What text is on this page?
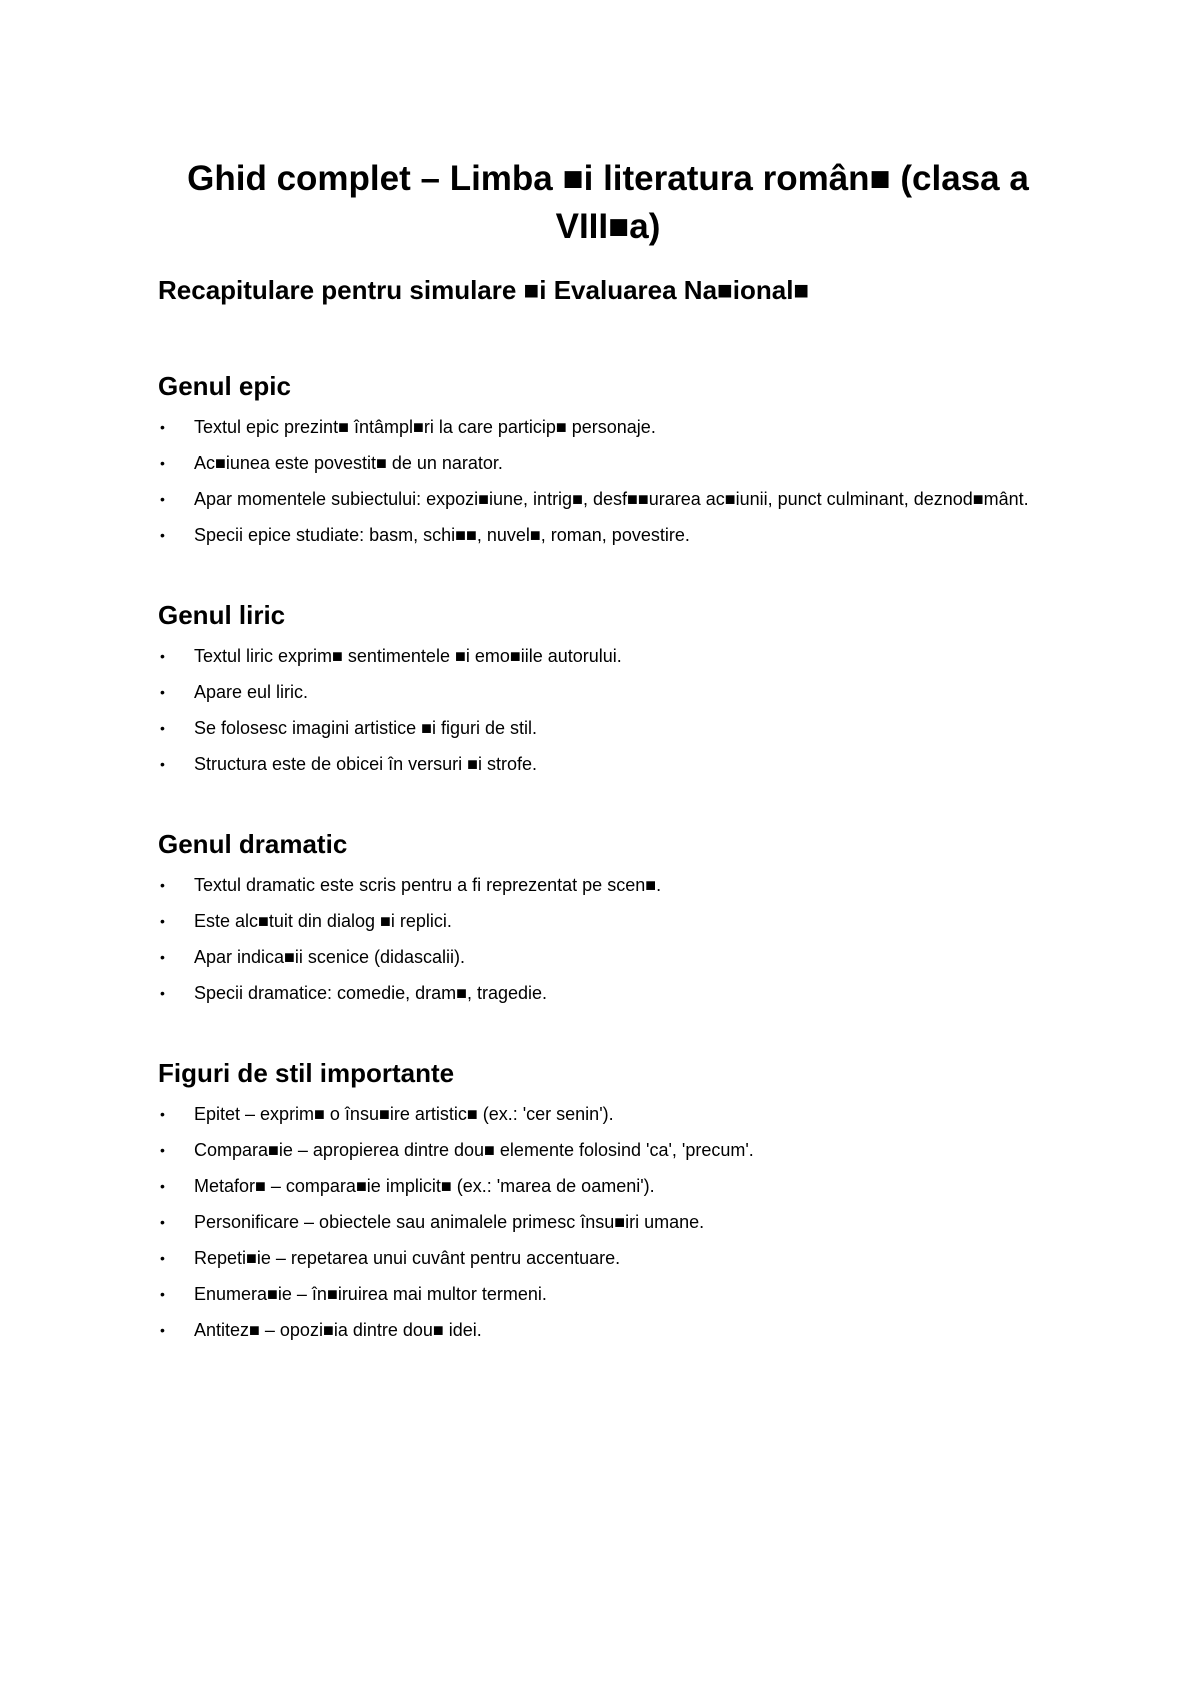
Ghid complet – Limba ■i literatura român■ (clasa a VIII■a)
Recapitulare pentru simulare ■i Evaluarea Na■ional■
Genul epic
• Textul epic prezint■ întâmpl■ri la care particip■ personaje.
• Ac■iunea este povestit■ de un narator.
• Apar momentele subiectului: expozi■iune, intrig■, desf■■urarea ac■iunii, punct culminant, deznod■mânt.
• Specii epice studiate: basm, schi■■, nuvel■, roman, povestire.
Genul liric
• Textul liric exprim■ sentimentele ■i emo■iile autorului.
• Apare eul liric.
• Se folosesc imagini artistice ■i figuri de stil.
• Structura este de obicei în versuri ■i strofe.
Genul dramatic
• Textul dramatic este scris pentru a fi reprezentat pe scen■.
• Este alc■tuit din dialog ■i replici.
• Apar indica■ii scenice (didascalii).
• Specii dramatice: comedie, dram■, tragedie.
Figuri de stil importante
• Epitet – exprim■ o însu■ire artistic■ (ex.: 'cer senin').
• Compara■ie – apropierea dintre dou■ elemente folosind 'ca', 'precum'.
• Metafor■ – compara■ie implicit■ (ex.: 'marea de oameni').
• Personificare – obiectele sau animalele primesc însu■iri umane.
• Repeti■ie – repetarea unui cuvânt pentru accentuare.
• Enumera■ie – în■iruirea mai multor termeni.
• Antitez■ – opozi■ia dintre dou■ idei.
